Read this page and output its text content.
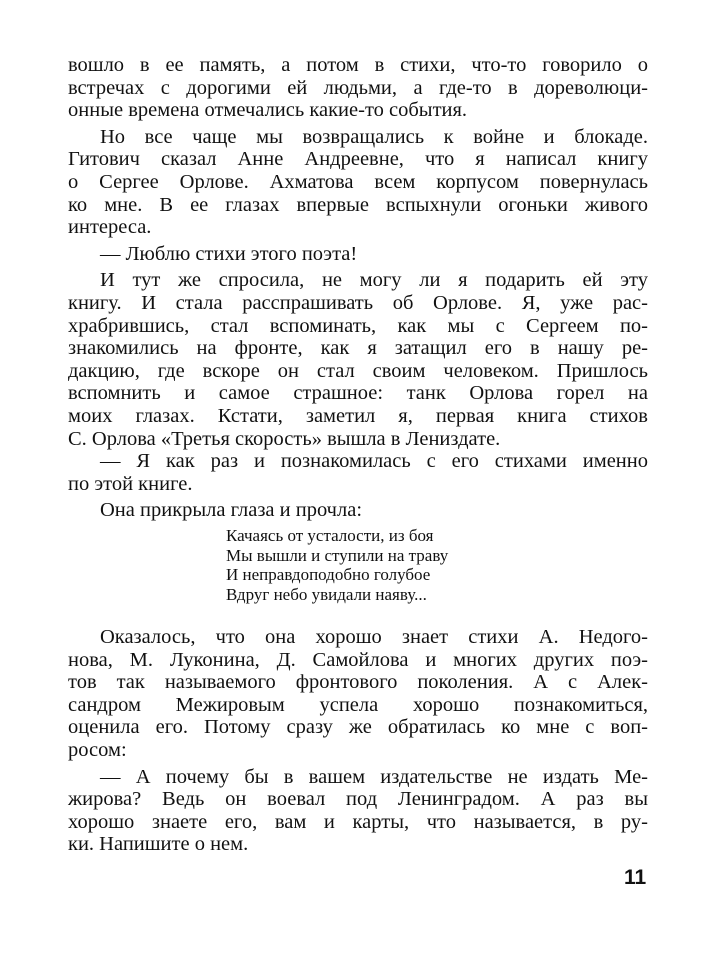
вошло в ее память, а потом в стихи, что-то говорило о
встречах с дорогими ей людьми, а где-то в дореволюци-
онные времена отмечались какие-то события.
Но все чаще мы возвращались к войне и блокаде.
Гитович сказал Анне Андреевне, что я написал книгу
о Сергее Орлове. Ахматова всем корпусом повернулась
ко мне. В ее глазах впервые вспыхнули огоньки живого
интереса.
— Люблю стихи этого поэта!
И тут же спросила, не могу ли я подарить ей эту
книгу. И стала расспрашивать об Орлове. Я, уже рас-
храбрившись, стал вспоминать, как мы с Сергеем по-
знакомились на фронте, как я затащил его в нашу ре-
дакцию, где вскоре он стал своим человеком. Пришлось
вспомнить и самое страшное: танк Орлова горел на
моих глазах. Кстати, заметил я, первая книга стихов
С. Орлова «Третья скорость» вышла в Лениздате.
— Я как раз и познакомилась с его стихами именно
по этой книге.
Она прикрыла глаза и прочла:
Качаясь от усталости, из боя
Мы вышли и ступили на траву
И неправдоподобно голубое
Вдруг небо увидали наяву...
Оказалось, что она хорошо знает стихи А. Недого-
нова, М. Луконина, Д. Самойлова и многих других поэ-
тов так называемого фронтового поколения. А с Алек-
сандром Межировым успела хорошо познакомиться,
оценила его. Потому сразу же обратилась ко мне с воп-
росом:
— А почему бы в вашем издательстве не издать Ме-
жирова? Ведь он воевал под Ленинградом. А раз вы
хорошо знаете его, вам и карты, что называется, в ру-
ки. Напишите о нем.
11
